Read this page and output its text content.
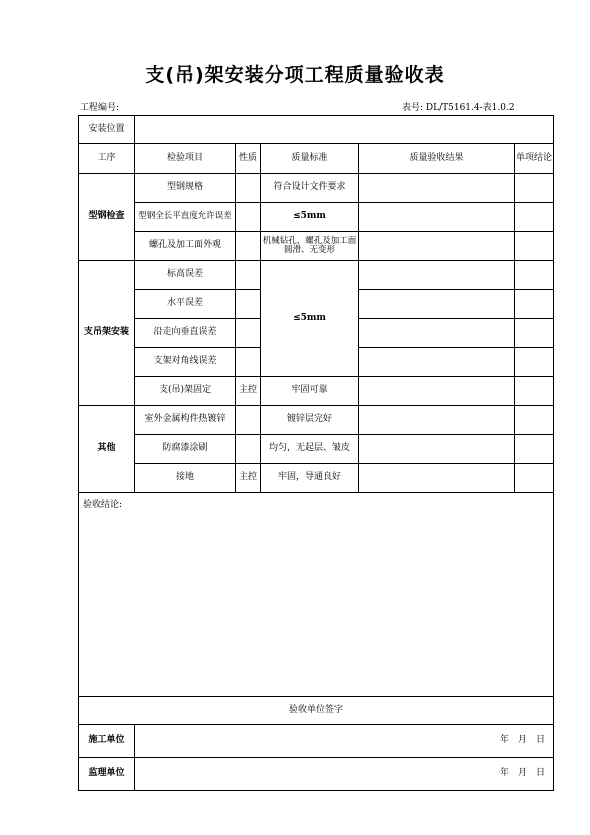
支(吊)架安装分项工程质量验收表
工程编号:	表号: DL/T5161.4-表1.0.2
安装位置					
工序	检验项目	性质	质量标准	质量验收结果	单项结论
型钢检查	型钢规格		符合设计文件要求		
	型钢全长平直度允许误差		≤5mm		
	螺孔及加工面外观		机械钻孔，螺孔及加工面圆滑、无变形		
支吊架安装	标高误差		≤5mm		
	水平误差				
	沿走向垂直误差				
	支架对角线误差				
	支(吊)架固定	主控	牢固可靠		
其他	室外金属构件热镀锌		镀锌层完好		
	防腐漆涂刷		均匀，无起层、皱皮		
	接地	主控	牢固，导通良好		
验收结论:					
验收单位签字					
施工单位	年　月　日				
监理单位	年　月　日				
